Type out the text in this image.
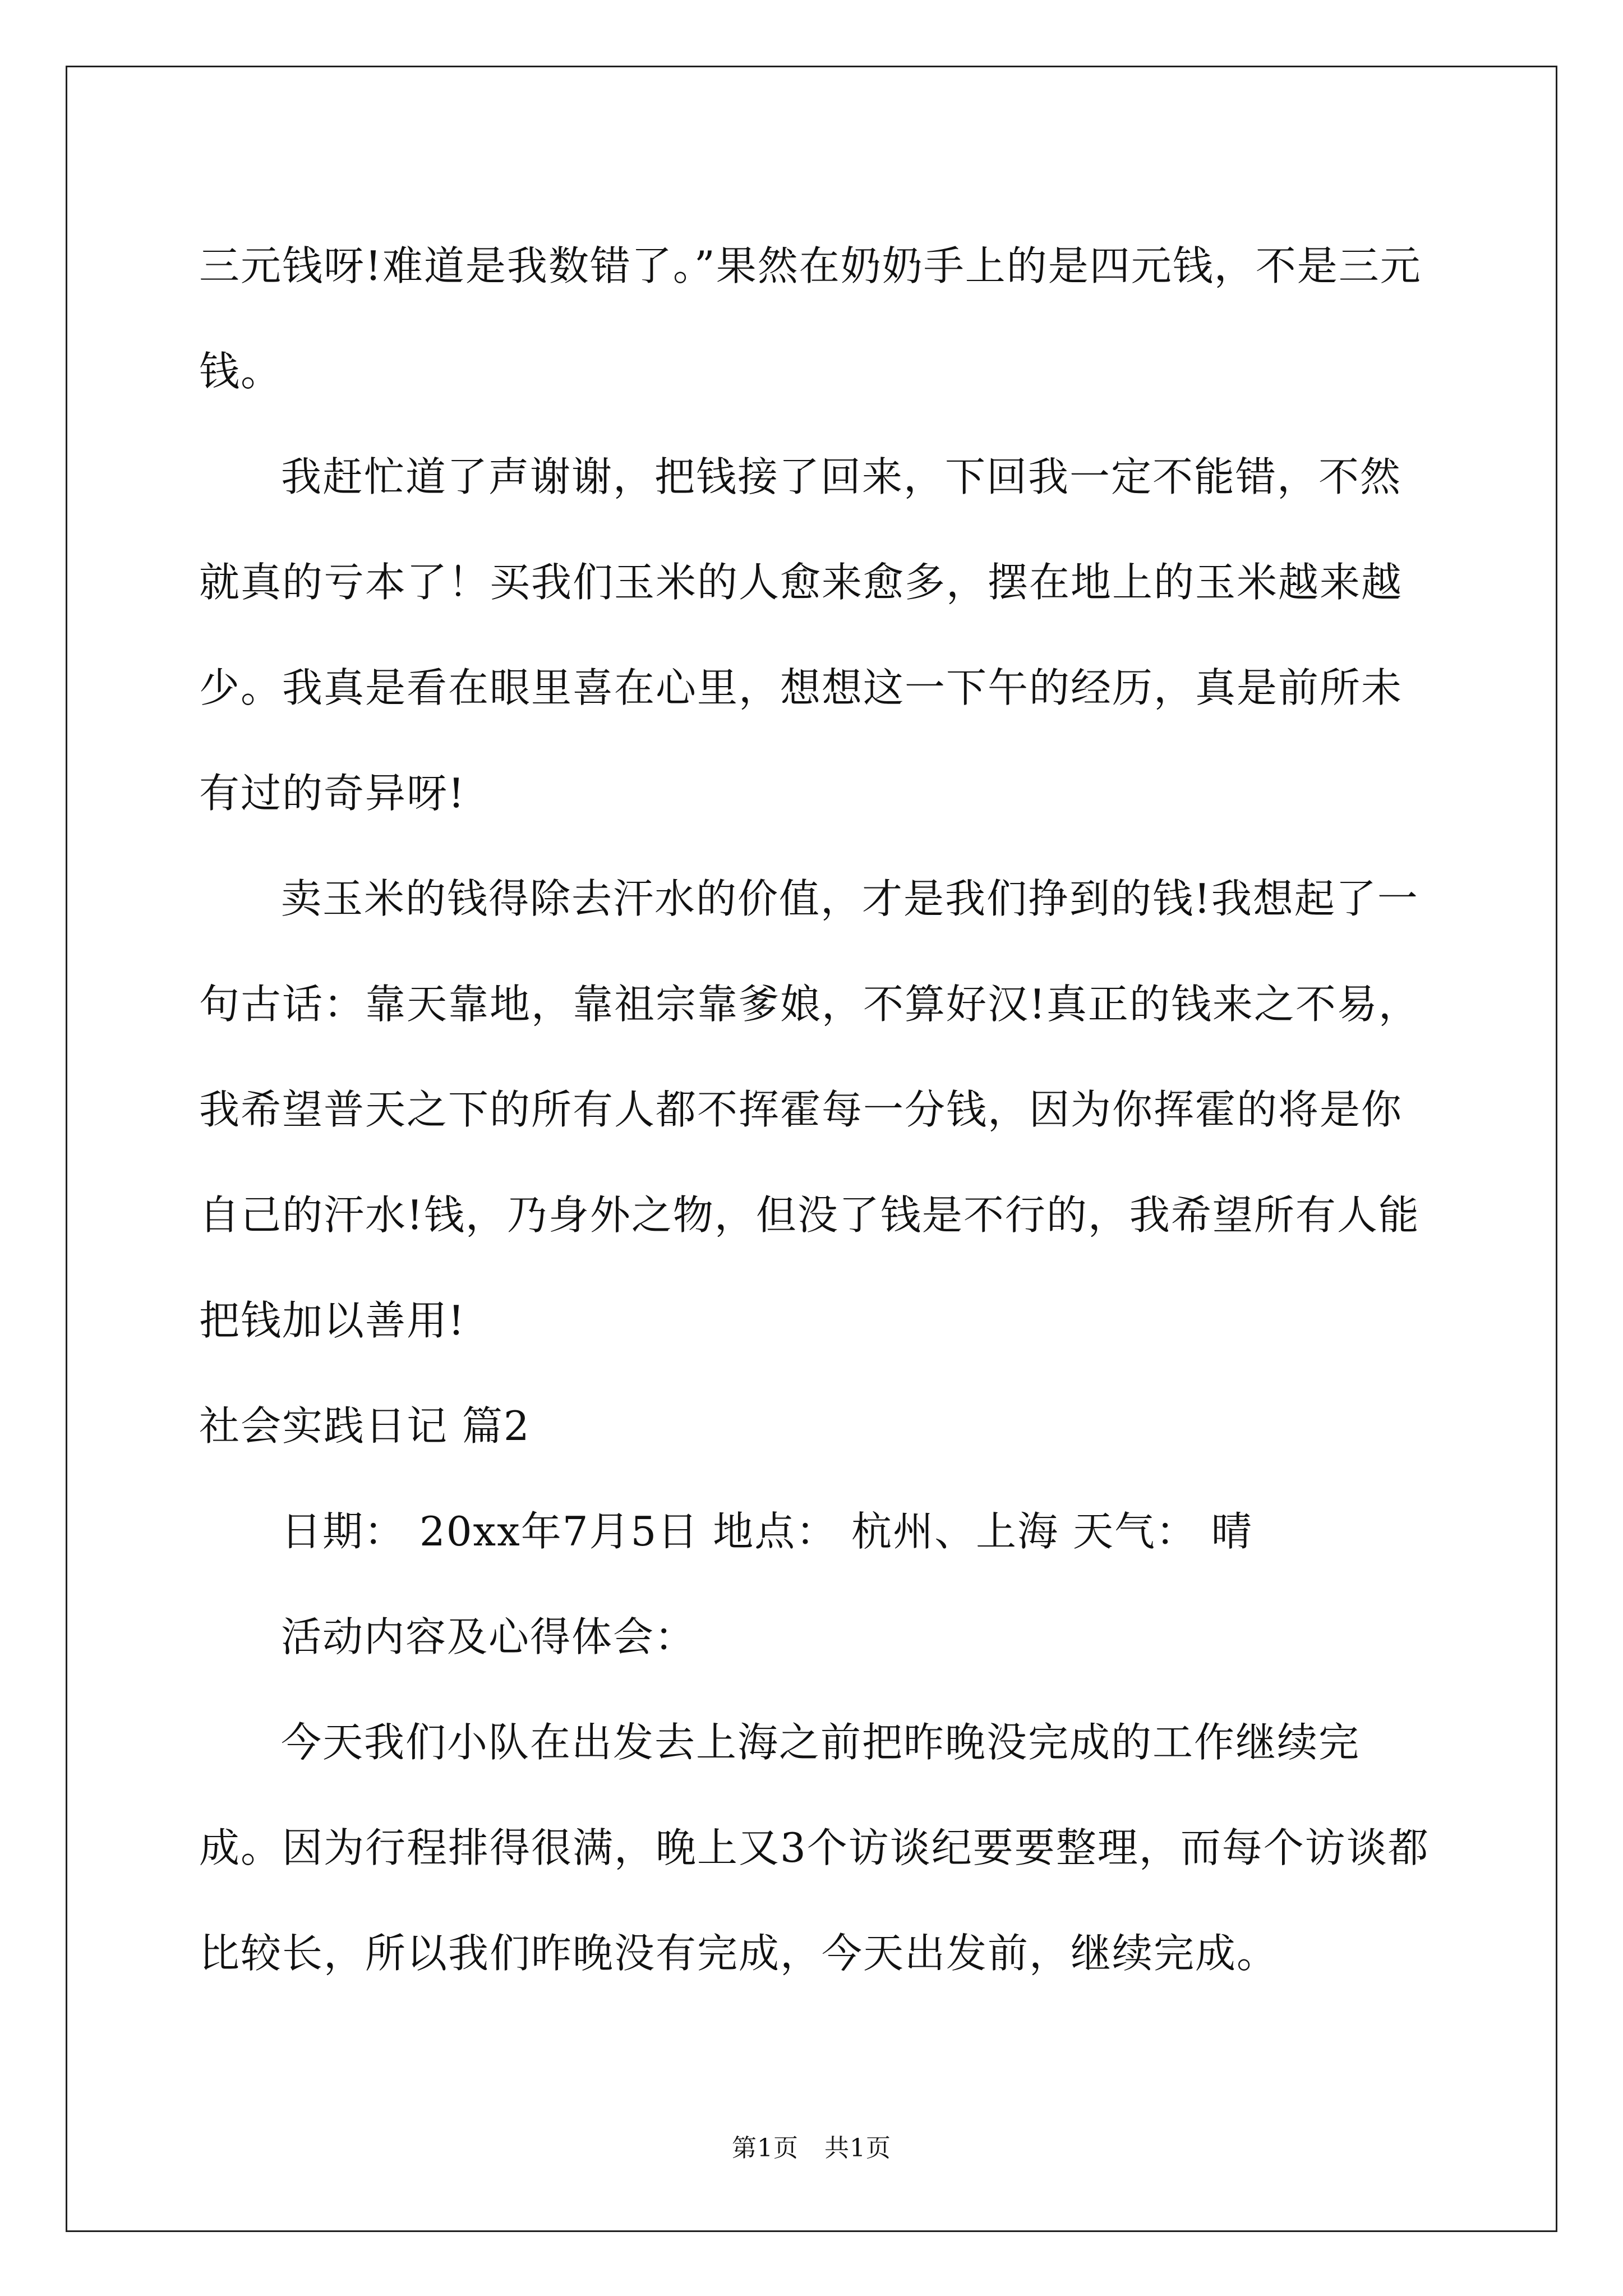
三元钱呀!难道是我数错了。”果然在奶奶手上的是四元钱，不是三元钱。

我赶忙道了声谢谢，把钱接了回来，下回我一定不能错，不然就真的亏本了！买我们玉米的人愈来愈多，摆在地上的玉米越来越少。我真是看在眼里喜在心里，想想这一下午的经历，真是前所未有过的奇异呀!

卖玉米的钱得除去汗水的价值，才是我们挣到的钱!我想起了一句古话：靠天靠地，靠祖宗靠爹娘，不算好汉!真正的钱来之不易，我希望普天之下的所有人都不挥霍每一分钱，因为你挥霍的将是你自己的汗水!钱，乃身外之物，但没了钱是不行的，我希望所有人能把钱加以善用!

社会实践日记 篇2

日期： 20xx年7月5日 地点： 杭州、上海 天气： 晴

活动内容及心得体会：

今天我们小队在出发去上海之前把昨晚没完成的工作继续完成。因为行程排得很满，晚上又3个访谈纪要要整理，而每个访谈都比较长，所以我们昨晚没有完成，今天出发前，继续完成。

第1页 共1页
